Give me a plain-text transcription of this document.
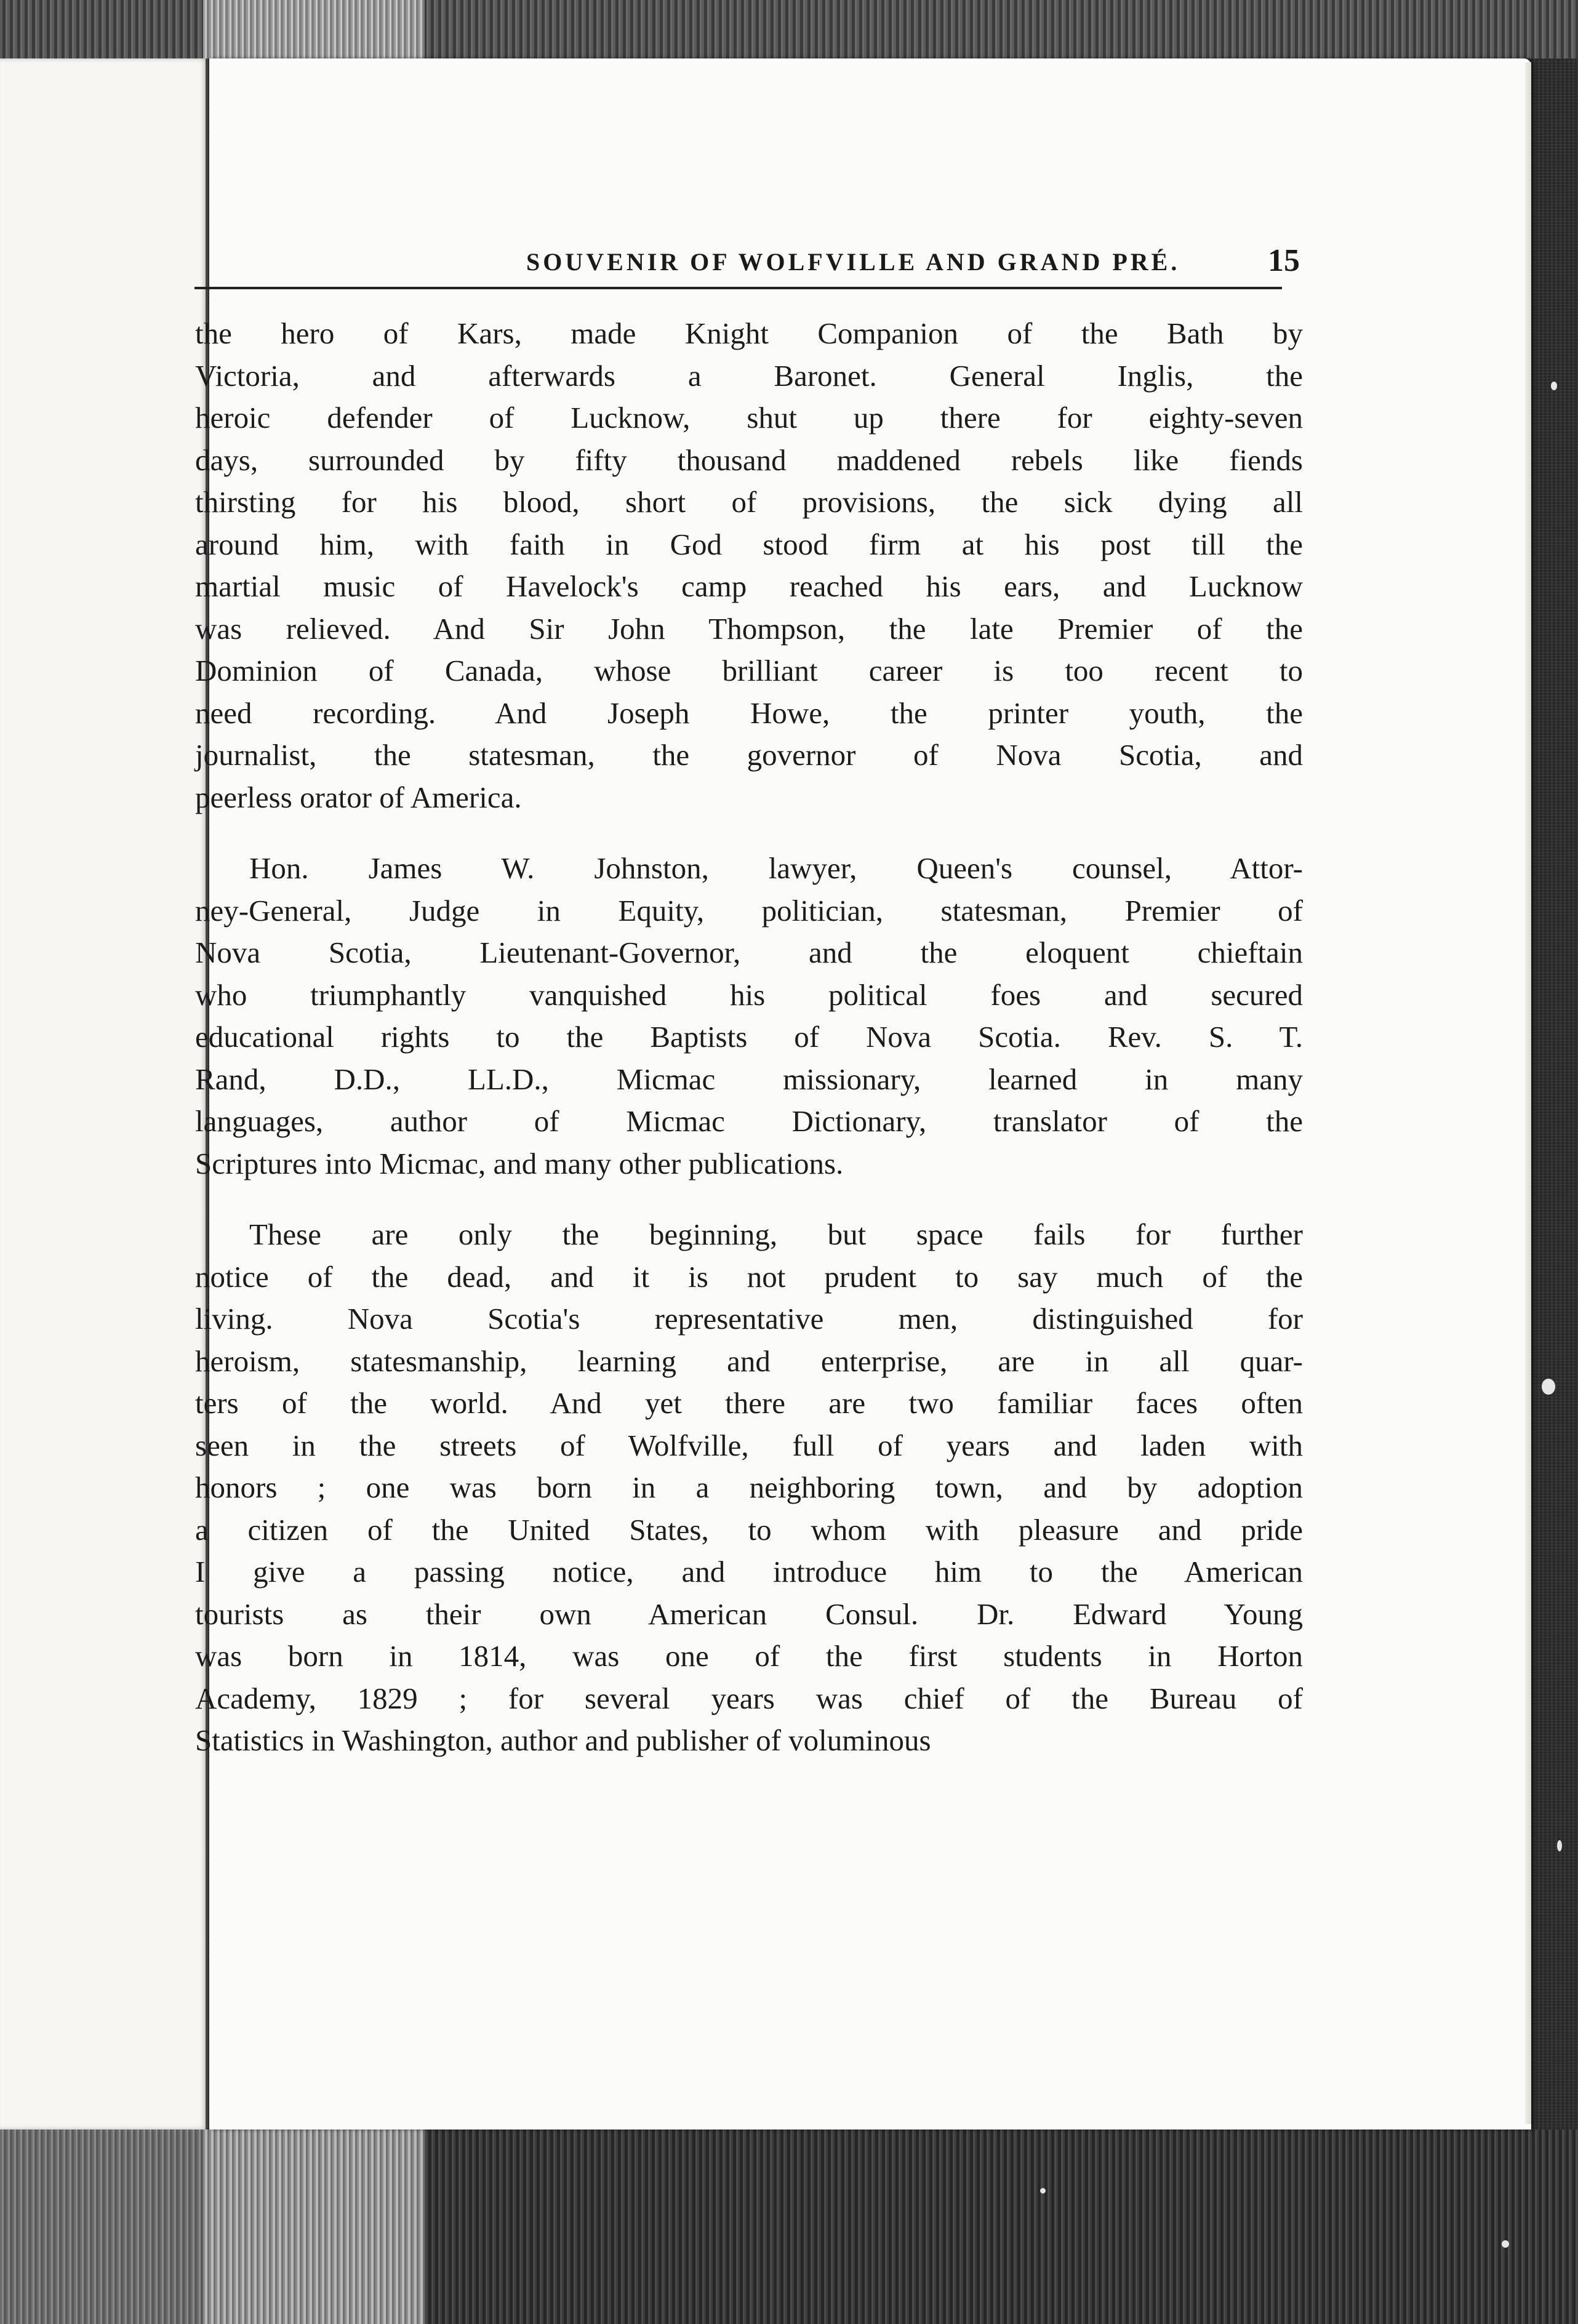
SOUVENIR OF WOLFVILLE AND GRAND PRÉ.	15
the hero of Kars, made Knight Companion of the Bath by
Victoria, and afterwards a Baronet. General Inglis, the
heroic defender of Lucknow, shut up there for eighty-seven
days, surrounded by fifty thousand maddened rebels like fiends
thirsting for his blood, short of provisions, the sick dying all
around him, with faith in God stood firm at his post till the
martial music of Havelock's camp reached his ears, and Lucknow
was relieved. And Sir John Thompson, the late Premier of the
Dominion of Canada, whose brilliant career is too recent to
need recording. And Joseph Howe, the printer youth, the
journalist, the statesman, the governor of Nova Scotia, and
peerless orator of America.
Hon. James W. Johnston, lawyer, Queen's counsel, Attor-
ney-General, Judge in Equity, politician, statesman, Premier of
Nova Scotia, Lieutenant-Governor, and the eloquent chieftain
who triumphantly vanquished his political foes and secured
educational rights to the Baptists of Nova Scotia. Rev. S. T.
Rand, D.D., LL.D., Micmac missionary, learned in many
languages, author of Micmac Dictionary, translator of the
Scriptures into Micmac, and many other publications.
These are only the beginning, but space fails for further
notice of the dead, and it is not prudent to say much of the
living. Nova Scotia's representative men, distinguished for
heroism, statesmanship, learning and enterprise, are in all quar-
ters of the world. And yet there are two familiar faces often
seen in the streets of Wolfville, full of years and laden with
honors ; one was born in a neighboring town, and by adoption
a citizen of the United States, to whom with pleasure and pride
I give a passing notice, and introduce him to the American
tourists as their own American Consul. Dr. Edward Young
was born in 1814, was one of the first students in Horton
Academy, 1829 ; for several years was chief of the Bureau of
Statistics in Washington, author and publisher of voluminous
